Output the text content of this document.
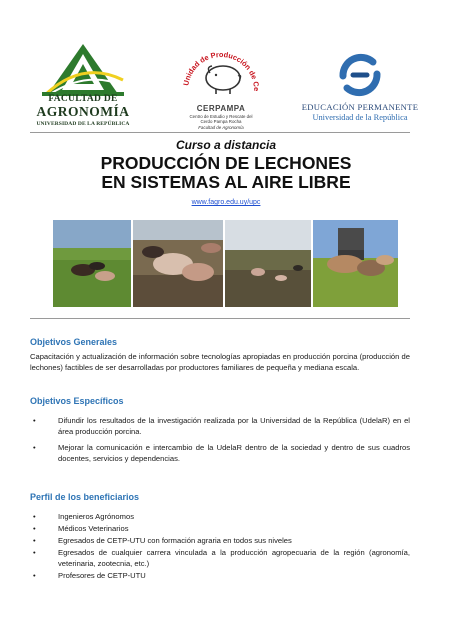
FACULTAD DE
AGRONOMÍA
UNIVERSIDAD DE LA REPÚBLICA
Unidad de Producción de Ce
CERPAMPA
Centro de Estudio y Rescate del
Cerdo Pampa Rocha
Facultad de Agronomía
EDUCACIÓN PERMANENTE
Universidad de la República
Curso a distancia
PRODUCCIÓN DE LECHONES
EN SISTEMAS AL AIRE LIBRE
www.fagro.edu.uy/upc
Objetivos Generales
Capacitación y actualización de información sobre tecnologías apropiadas en producción porcina (producción de lechones) factibles de ser desarrolladas por productores familiares de pequeña y mediana escala.
Objetivos Específicos
•	Difundir los resultados de la investigación realizada por la Universidad de la República (UdelaR) en el área producción porcina.
•	Mejorar la comunicación e intercambio de la UdelaR dentro de la sociedad y dentro de sus cuadros docentes, servicios y dependencias.
Perfil de los beneficiarios
•	Ingenieros Agrónomos
•	Médicos Veterinarios
•	Egresados de CETP-UTU con formación agraria en todos sus niveles
•	Egresados de cualquier carrera vinculada a la producción agropecuaria de la región (agronomía, veterinaria, zootecnia, etc.)
•	Profesores de CETP-UTU
